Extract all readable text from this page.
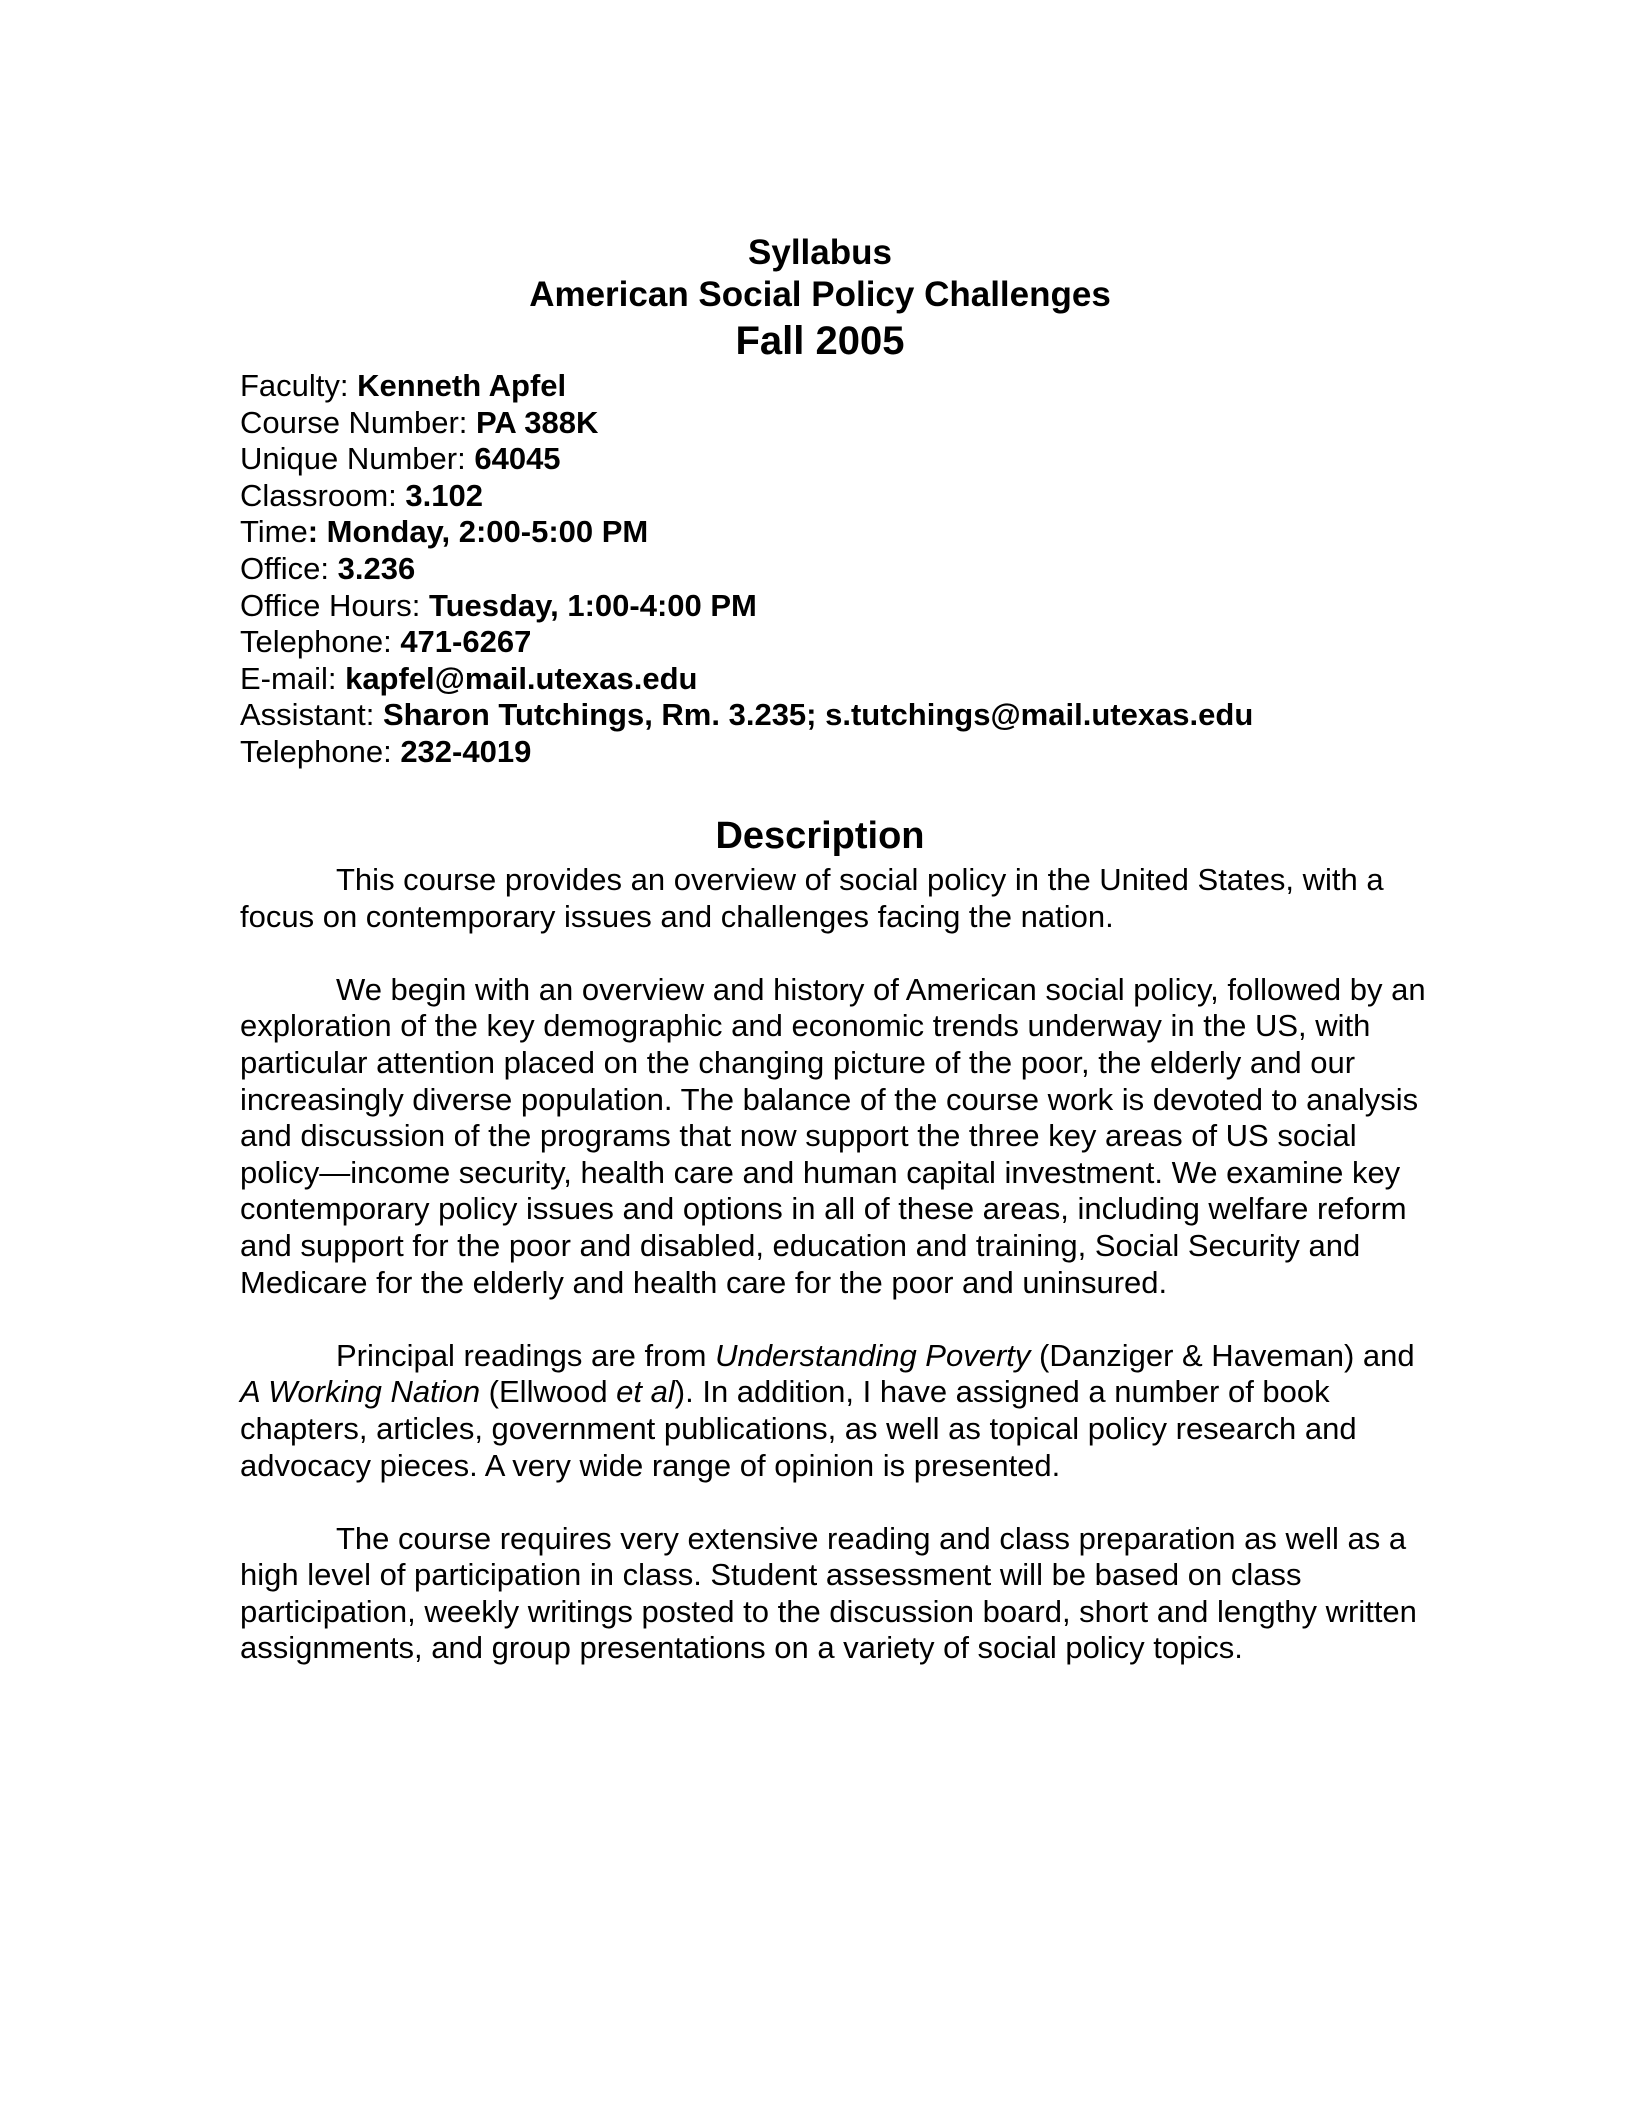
Syllabus
American Social Policy Challenges
Fall 2005
Faculty: Kenneth Apfel
Course Number: PA 388K
Unique Number: 64045
Classroom: 3.102
Time: Monday, 2:00-5:00 PM
Office: 3.236
Office Hours: Tuesday, 1:00-4:00 PM
Telephone: 471-6267
E-mail: kapfel@mail.utexas.edu
Assistant: Sharon Tutchings, Rm. 3.235; s.tutchings@mail.utexas.edu
Telephone: 232-4019
Description

This course provides an overview of social policy in the United States, with a focus on contemporary issues and challenges facing the nation.

We begin with an overview and history of American social policy, followed by an exploration of the key demographic and economic trends underway in the US, with particular attention placed on the changing picture of the poor, the elderly and our increasingly diverse population. The balance of the course work is devoted to analysis and discussion of the programs that now support the three key areas of US social policy—income security, health care and human capital investment. We examine key contemporary policy issues and options in all of these areas, including welfare reform and support for the poor and disabled, education and training, Social Security and Medicare for the elderly and health care for the poor and uninsured.

Principal readings are from Understanding Poverty (Danziger & Haveman) and A Working Nation (Ellwood et al). In addition, I have assigned a number of book chapters, articles, government publications, as well as topical policy research and advocacy pieces. A very wide range of opinion is presented.

The course requires very extensive reading and class preparation as well as a high level of participation in class. Student assessment will be based on class participation, weekly writings posted to the discussion board, short and lengthy written assignments, and group presentations on a variety of social policy topics.
